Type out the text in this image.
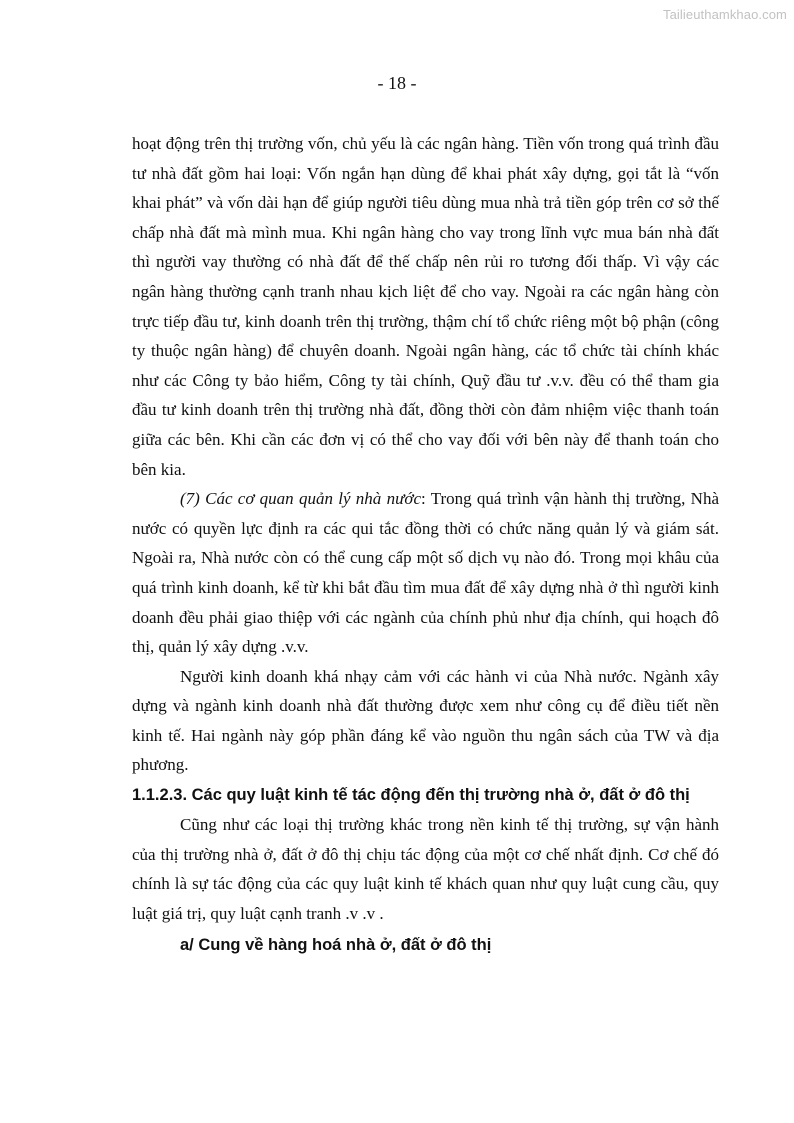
Tailieuthamkhao.com
- 18 -

hoạt động trên thị trường vốn, chủ yếu là các ngân hàng. Tiền vốn trong quá trình đầu tư nhà đất gồm hai loại: Vốn ngắn hạn dùng để khai phát xây dựng, gọi tắt là “vốn khai phát” và vốn dài hạn để giúp người tiêu dùng mua nhà trả tiền góp trên cơ sở thế chấp nhà đất mà mình mua. Khi ngân hàng cho vay trong lĩnh vực mua bán nhà đất thì người vay thường có nhà đất để thế chấp nên rủi ro tương đối thấp. Vì vậy các ngân hàng thường cạnh tranh nhau kịch liệt để cho vay. Ngoài ra các ngân hàng còn trực tiếp đầu tư, kinh doanh trên thị trường, thậm chí tổ chức riêng một bộ phận (công ty thuộc ngân hàng) để chuyên doanh. Ngoài ngân hàng, các tổ chức tài chính khác như các Công ty bảo hiểm, Công ty tài chính, Quỹ đầu tư .v.v. đều có thể tham gia đầu tư kinh doanh trên thị trường nhà đất, đồng thời còn đảm nhiệm việc thanh toán giữa các bên. Khi cần các đơn vị có thể cho vay đối với bên này để thanh toán cho bên kia.

(7) Các cơ quan quản lý nhà nước: Trong quá trình vận hành thị trường, Nhà nước có quyền lực định ra các qui tắc đồng thời có chức năng quản lý và giám sát. Ngoài ra, Nhà nước còn có thể cung cấp một số dịch vụ nào đó. Trong mọi khâu của quá trình kinh doanh, kể từ khi bắt đầu tìm mua đất để xây dựng nhà ở thì người kinh doanh đều phải giao thiệp với các ngành của chính phủ như địa chính, qui hoạch đô thị, quản lý xây dựng .v.v.

Người kinh doanh khá nhạy cảm với các hành vi của Nhà nước. Ngành xây dựng và ngành kinh doanh nhà đất thường được xem như công cụ để điều tiết nền kinh tế. Hai ngành này góp phần đáng kể vào nguồn thu ngân sách của TW và địa phương.

1.1.2.3. Các quy luật kinh tế tác động đến thị trường nhà ở, đất ở đô thị

Cũng như các loại thị trường khác trong nền kinh tế thị trường, sự vận hành của thị trường nhà ở, đất ở đô thị chịu tác động của một cơ chế nhất định. Cơ chế đó chính là sự tác động của các quy luật kinh tế khách quan như quy luật cung cầu, quy luật giá trị, quy luật cạnh tranh .v .v .

a/ Cung về hàng hoá nhà ở, đất ở đô thị
